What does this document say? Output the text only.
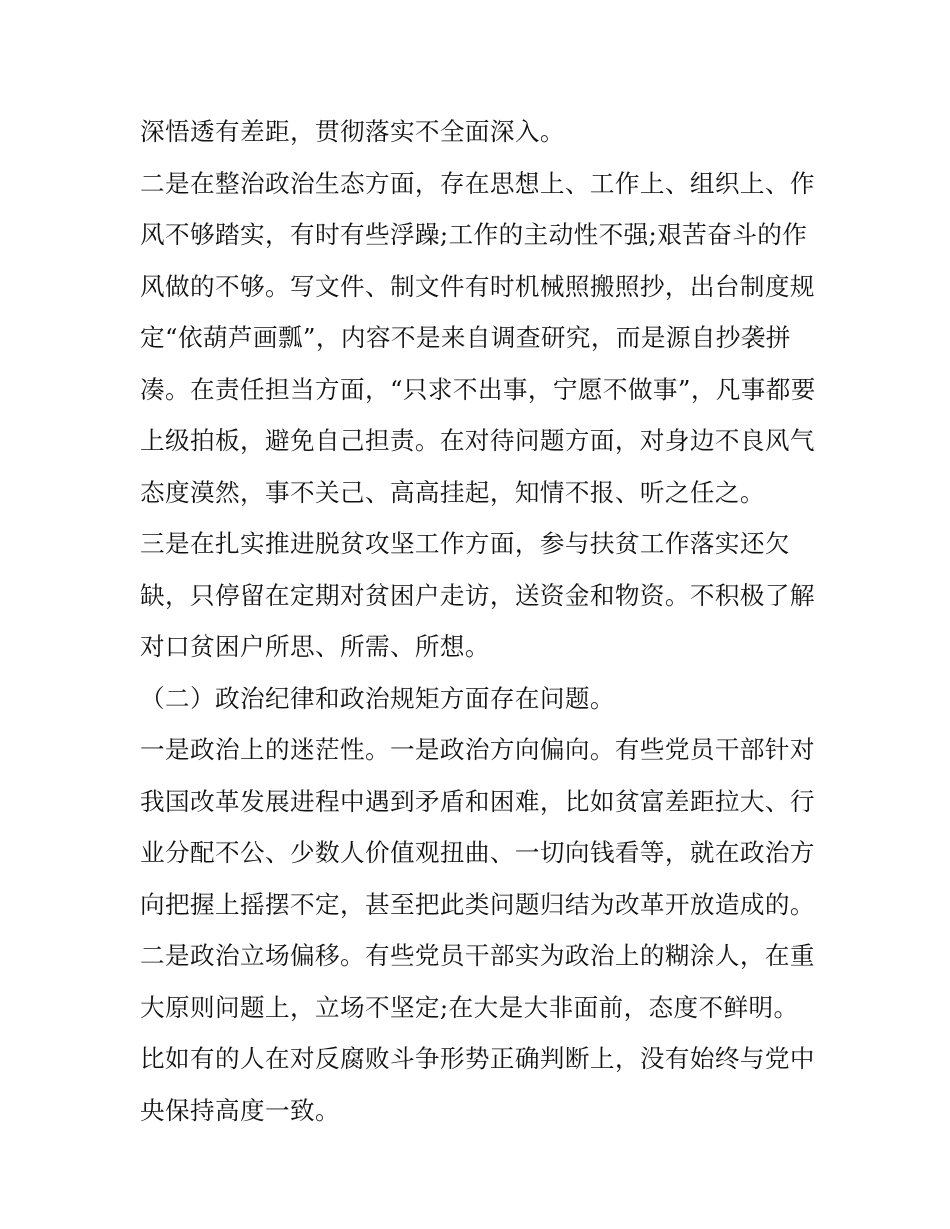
深悟透有差距，贯彻落实不全面深入。
二是在整治政治生态方面，存在思想上、工作上、组织上、作
风不够踏实，有时有些浮躁;工作的主动性不强;艰苦奋斗的作
风做的不够。写文件、制文件有时机械照搬照抄，出台制度规
定“依葫芦画瓢”，内容不是来自调查研究，而是源自抄袭拼
凑。在责任担当方面，“只求不出事，宁愿不做事”，凡事都要
上级拍板，避免自己担责。在对待问题方面，对身边不良风气
态度漠然，事不关己、高高挂起，知情不报、听之任之。
三是在扎实推进脱贫攻坚工作方面，参与扶贫工作落实还欠
缺，只停留在定期对贫困户走访，送资金和物资。不积极了解
对口贫困户所思、所需、所想。
（二）政治纪律和政治规矩方面存在问题。
一是政治上的迷茫性。一是政治方向偏向。有些党员干部针对
我国改革发展进程中遇到矛盾和困难，比如贫富差距拉大、行
业分配不公、少数人价值观扭曲、一切向钱看等，就在政治方
向把握上摇摆不定，甚至把此类问题归结为改革开放造成的。
二是政治立场偏移。有些党员干部实为政治上的糊涂人，在重
大原则问题上，立场不坚定;在大是大非面前，态度不鲜明。
比如有的人在对反腐败斗争形势正确判断上，没有始终与党中
央保持高度一致。
